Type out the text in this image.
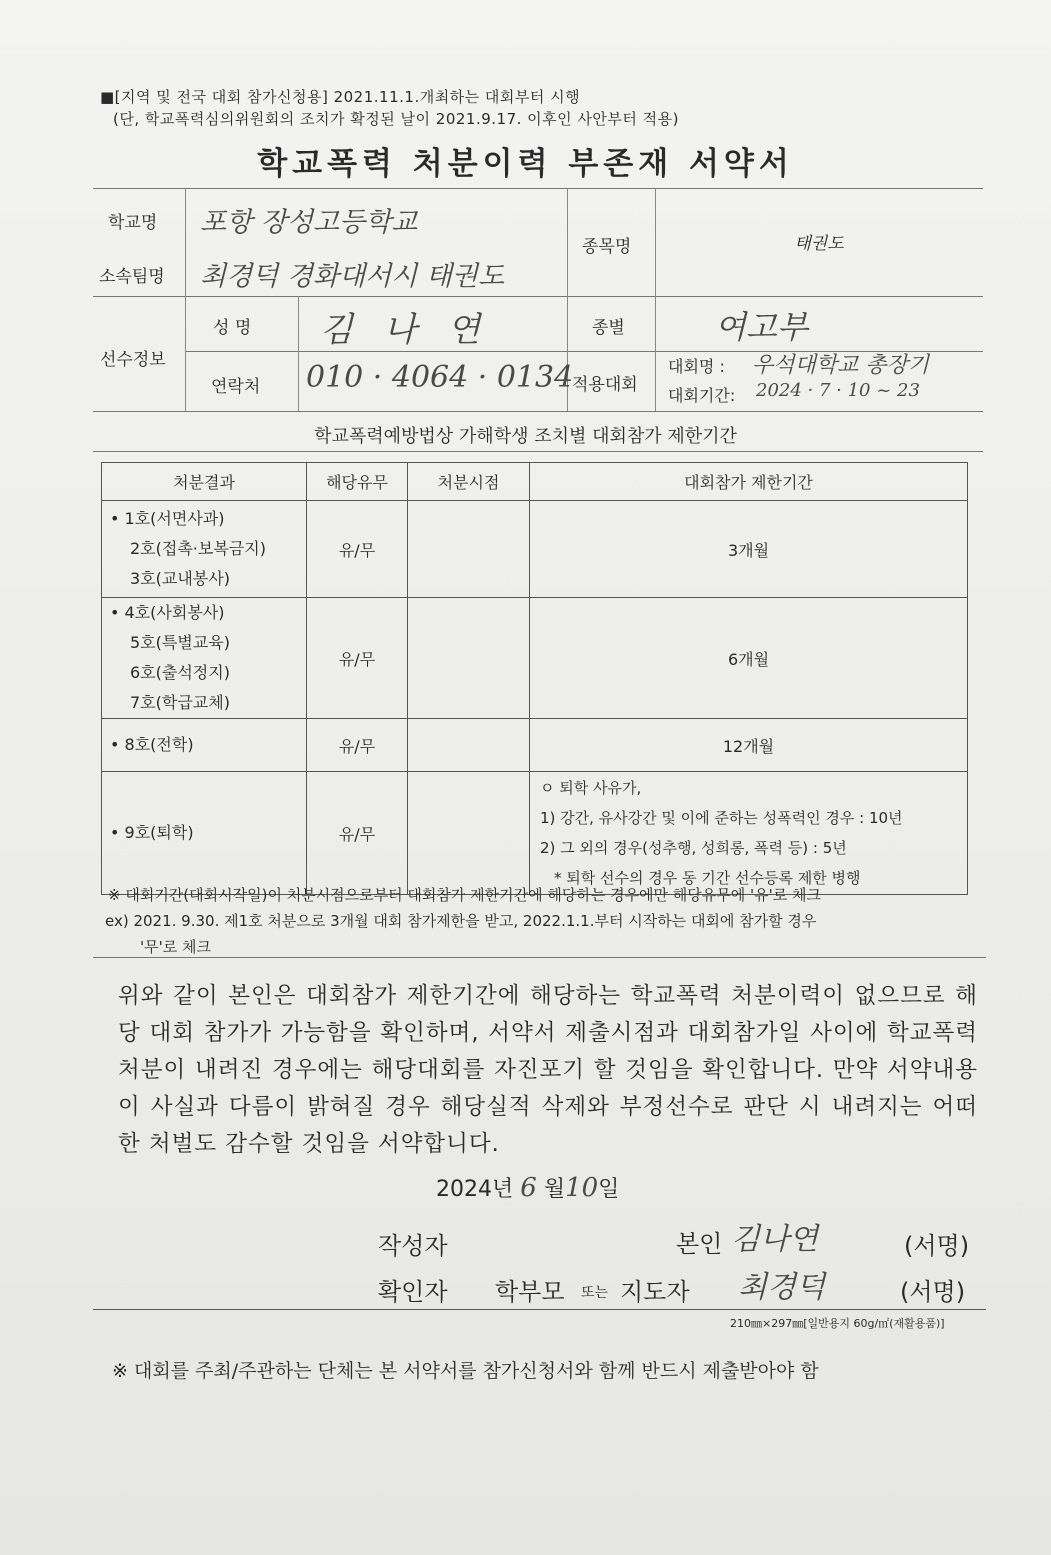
■[지역 및 전국 대회 참가신청용] 2021.11.1.개최하는 대회부터 시행
(단, 학교폭력심의위원회의 조치가 확정된 날이 2021.9.17. 이후인 사안부터 적용)
학교폭력 처분이력 부존재 서약서
학교명 포항 장성고등학교
소속팀명 최경덕 경화대서시 태권도
종목명	태권도
선수정보
성 명 김 나 연	종별	여고부
연락처 010 · 4064 · 0134
적용대회
대회명 : 우석대학교 총장기
대회기간: 2024 · 7 · 10 ~ 23
학교폭력예방법상 가해학생 조치별 대회참가 제한기간
처분결과	해당유무	처분시점	대회참가 제한기간

• 1호(서면사과)
2호(접촉·보복금지)
3호(교내봉사)	유/무		3개월

• 4호(사회봉사)
5호(특별교육)
6호(출석정지)
7호(학급교체)	유/무		6개월

• 8호(전학)	유/무		12개월

• 9호(퇴학)	유/무		ㅇ 퇴학 사유가,
1) 강간, 유사강간 및 이에 준하는 성폭력인 경우 : 10년
2) 그 외의 경우(성추행, 성희롱, 폭력 등) : 5년
* 퇴학 선수의 경우 동 기간 선수등록 제한 병행
※ 대회기간(대회시작일)이 처분시점으로부터 대회참가 제한기간에 해당하는 경우에만 해당유무에 '유'로 체크
ex) 2021. 9.30. 제1호 처분으로 3개월 대회 참가제한을 받고, 2022.1.1.부터 시작하는 대회에 참가할 경우
'무'로 체크
위와 같이 본인은 대회참가 제한기간에 해당하는 학교폭력 처분이력이 없으므로 해당 대회 참가가 가능함을 확인하며, 서약서 제출시점과 대회참가일 사이에 학교폭력 처분이 내려진 경우에는 해당대회를 자진포기 할 것임을 확인합니다. 만약 서약내용이 사실과 다름이 밝혀질 경우 해당실적 삭제와 부정선수로 판단 시 내려지는 어떠한 처벌도 감수할 것임을 서약합니다.
2024년 6 월10일
작성자	본인 김나연	(서명)
확인자 학부모 또는 지도자 최경덕	(서명)
210㎜×297㎜[일반용지 60g/㎡(재활용품)]
※ 대회를 주최/주관하는 단체는 본 서약서를 참가신청서와 함께 반드시 제출받아야 함
